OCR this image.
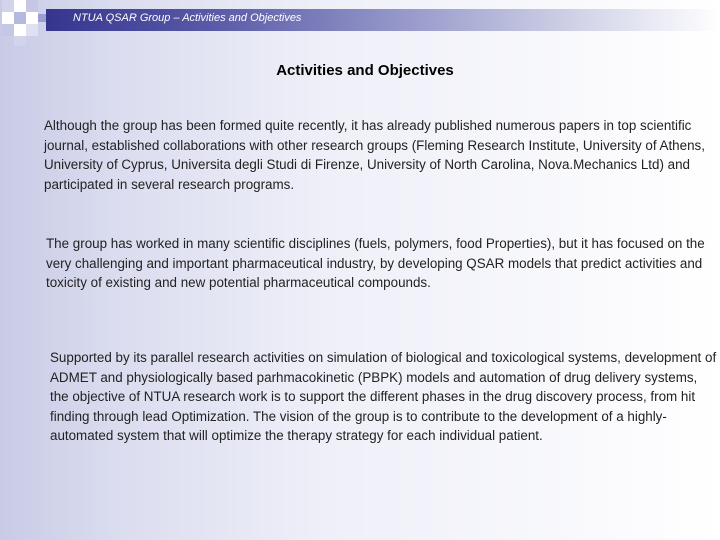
NTUA QSAR Group – Activities and Objectives
Activities and Objectives

Although the group has been formed quite recently, it has already published numerous papers in top scientific journal, established collaborations with other research groups (Fleming Research Institute, University of Athens, University of Cyprus, Universita degli Studi di Firenze, University of North Carolina, Nova.Mechanics Ltd) and participated in several research programs.

The group has worked in many scientific disciplines (fuels, polymers, food Properties), but it has focused on the very challenging and important pharmaceutical industry, by developing QSAR models that predict activities and toxicity of existing and new potential pharmaceutical compounds.

Supported by its parallel research activities on simulation of biological and toxicological systems, development of ADMET and physiologically based parhmacokinetic (PBPK) models and automation of drug delivery systems, the objective of NTUA research work is to support the different phases in the drug discovery process, from hit finding through lead Optimization. The vision of the group is to contribute to the development of a highly-automated system that will optimize the therapy strategy for each individual patient.
